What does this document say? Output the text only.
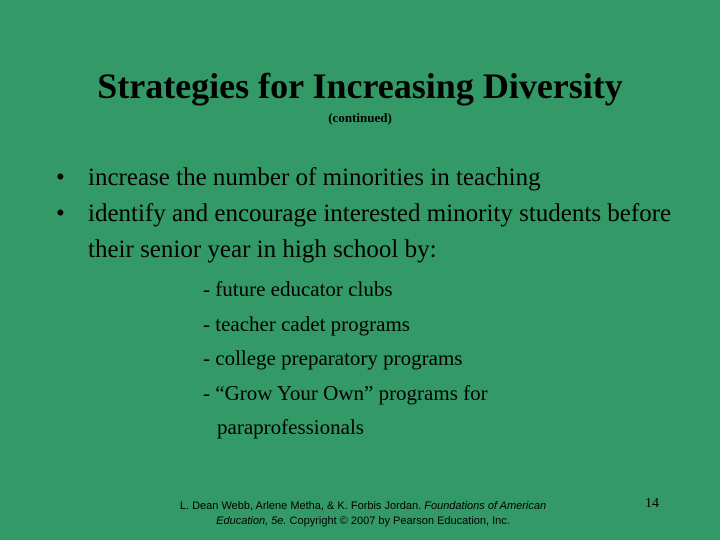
Strategies for Increasing Diversity
(continued)
• increase the number of minorities in teaching
• identify and encourage interested minority students before their senior year in high school by:
- future educator clubs
- teacher cadet programs
- college preparatory programs
- “Grow Your Own” programs for paraprofessionals
L. Dean Webb, Arlene Metha, & K. Forbis Jordan. Foundations of American Education, 5e. Copyright © 2007 by Pearson Education, Inc.
14
